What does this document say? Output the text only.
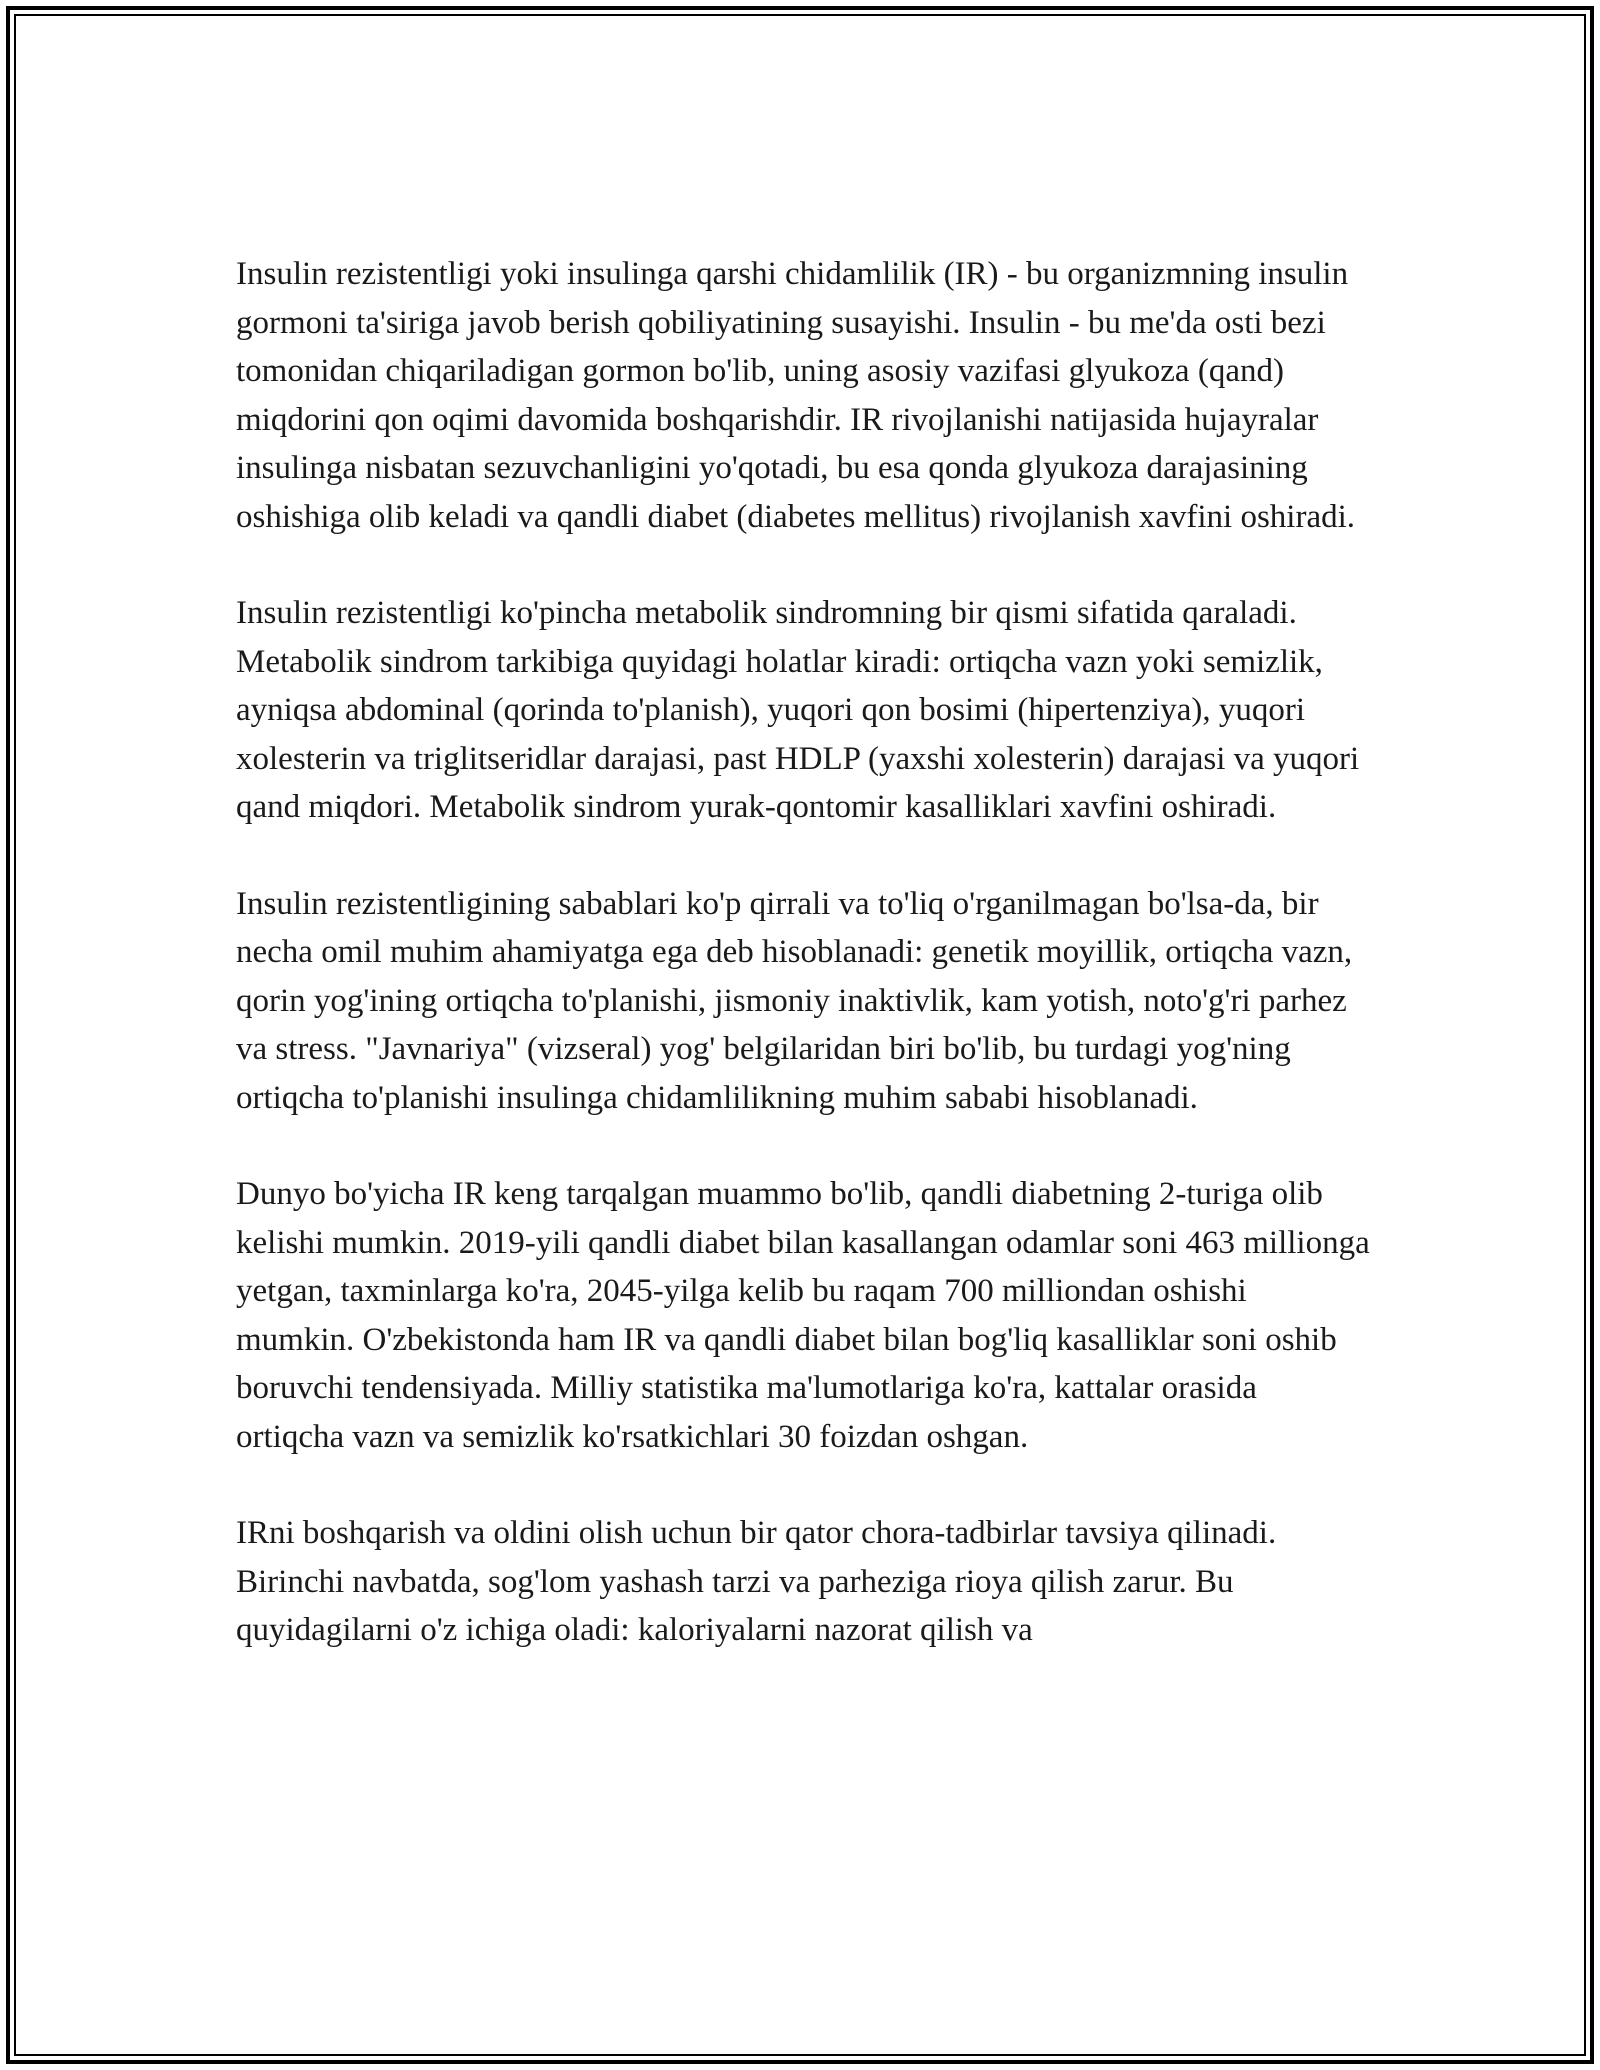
Insulin rezistentligi yoki insulinga qarshi chidamlilik (IR) - bu organizmning insulin gormoni ta'siriga javob berish qobiliyatining susayishi. Insulin - bu me'da osti bezi tomonidan chiqariladigan gormon bo'lib, uning asosiy vazifasi glyukoza (qand) miqdorini qon oqimi davomida boshqarishdir. IR rivojlanishi natijasida hujayralar insulinga nisbatan sezuvchanligini yo'qotadi, bu esa qonda glyukoza darajasining oshishiga olib keladi va qandli diabet (diabetes mellitus) rivojlanish xavfini oshiradi.

Insulin rezistentligi ko'pincha metabolik sindromning bir qismi sifatida qaraladi. Metabolik sindrom tarkibiga quyidagi holatlar kiradi: ortiqcha vazn yoki semizlik, ayniqsa abdominal (qorinda to'planish), yuqori qon bosimi (hipertenziya), yuqori xolesterin va triglitseridlar darajasi, past HDLP (yaxshi xolesterin) darajasi va yuqori qand miqdori. Metabolik sindrom yurak-qontomir kasalliklari xavfini oshiradi.

Insulin rezistentligining sabablari ko'p qirrali va to'liq o'rganilmagan bo'lsa-da, bir necha omil muhim ahamiyatga ega deb hisoblanadi: genetik moyillik, ortiqcha vazn, qorin yog'ining ortiqcha to'planishi, jismoniy inaktivlik, kam yotish, noto'g'ri parhez va stress. "Javnariya" (vizseral) yog' belgilaridan biri bo'lib, bu turdagi yog'ning ortiqcha to'planishi insulinga chidamlilikning muhim sababi hisoblanadi.

Dunyo bo'yicha IR keng tarqalgan muammo bo'lib, qandli diabetning 2-turiga olib kelishi mumkin. 2019-yili qandli diabet bilan kasallangan odamlar soni 463 millionga yetgan, taxminlarga ko'ra, 2045-yilga kelib bu raqam 700 milliondan oshishi mumkin. O'zbekistonda ham IR va qandli diabet bilan bog'liq kasalliklar soni oshib boruvchi tendensiyada. Milliy statistika ma'lumotlariga ko'ra, kattalar orasida ortiqcha vazn va semizlik ko'rsatkichlari 30 foizdan oshgan.

IRni boshqarish va oldini olish uchun bir qator chora-tadbirlar tavsiya qilinadi. Birinchi navbatda, sog'lom yashash tarzi va parheziga rioya qilish zarur. Bu quyidagilarni o'z ichiga oladi: kaloriyalarni nazorat qilish va
